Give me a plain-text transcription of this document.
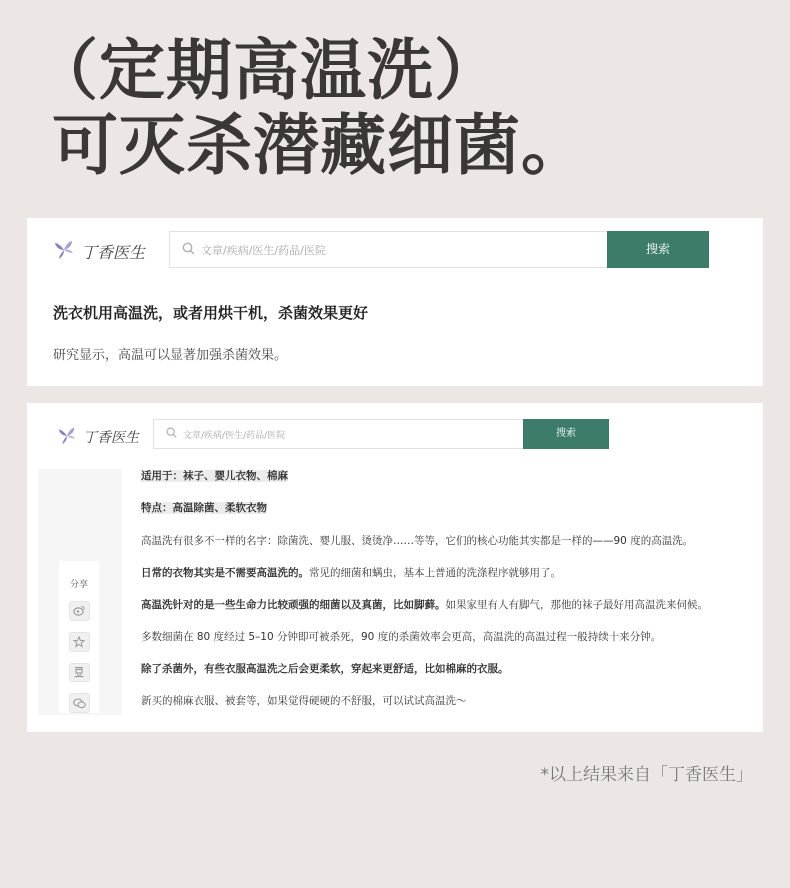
（定期高温洗）
可灭杀潜藏细菌。
丁香医生	文章/疾病/医生/药品/医院	搜索
洗衣机用高温洗，或者用烘干机，杀菌效果更好
研究显示，高温可以显著加强杀菌效果。
丁香医生	文章/疾病/医生/药品/医院	搜索
分享
适用于：袜子、婴儿衣物、棉麻
特点：高温除菌、柔软衣物
高温洗有很多不一样的名字：除菌洗、婴儿服、烫烫净……等等，它们的核心功能其实都是一样的——90 度的高温洗。
日常的衣物其实是不需要高温洗的。常见的细菌和螨虫，基本上普通的洗涤程序就够用了。
高温洗针对的是一些生命力比较顽强的细菌以及真菌，比如脚藓。如果家里有人有脚气，那他的袜子最好用高温洗来伺候。
多数细菌在 80 度经过 5–10 分钟即可被杀死，90 度的杀菌效率会更高，高温洗的高温过程一般持续十来分钟。
除了杀菌外，有些衣服高温洗之后会更柔软，穿起来更舒适，比如棉麻的衣服。
新买的棉麻衣服、被套等，如果觉得硬硬的不舒服，可以试试高温洗～
*以上结果来自「丁香医生」
